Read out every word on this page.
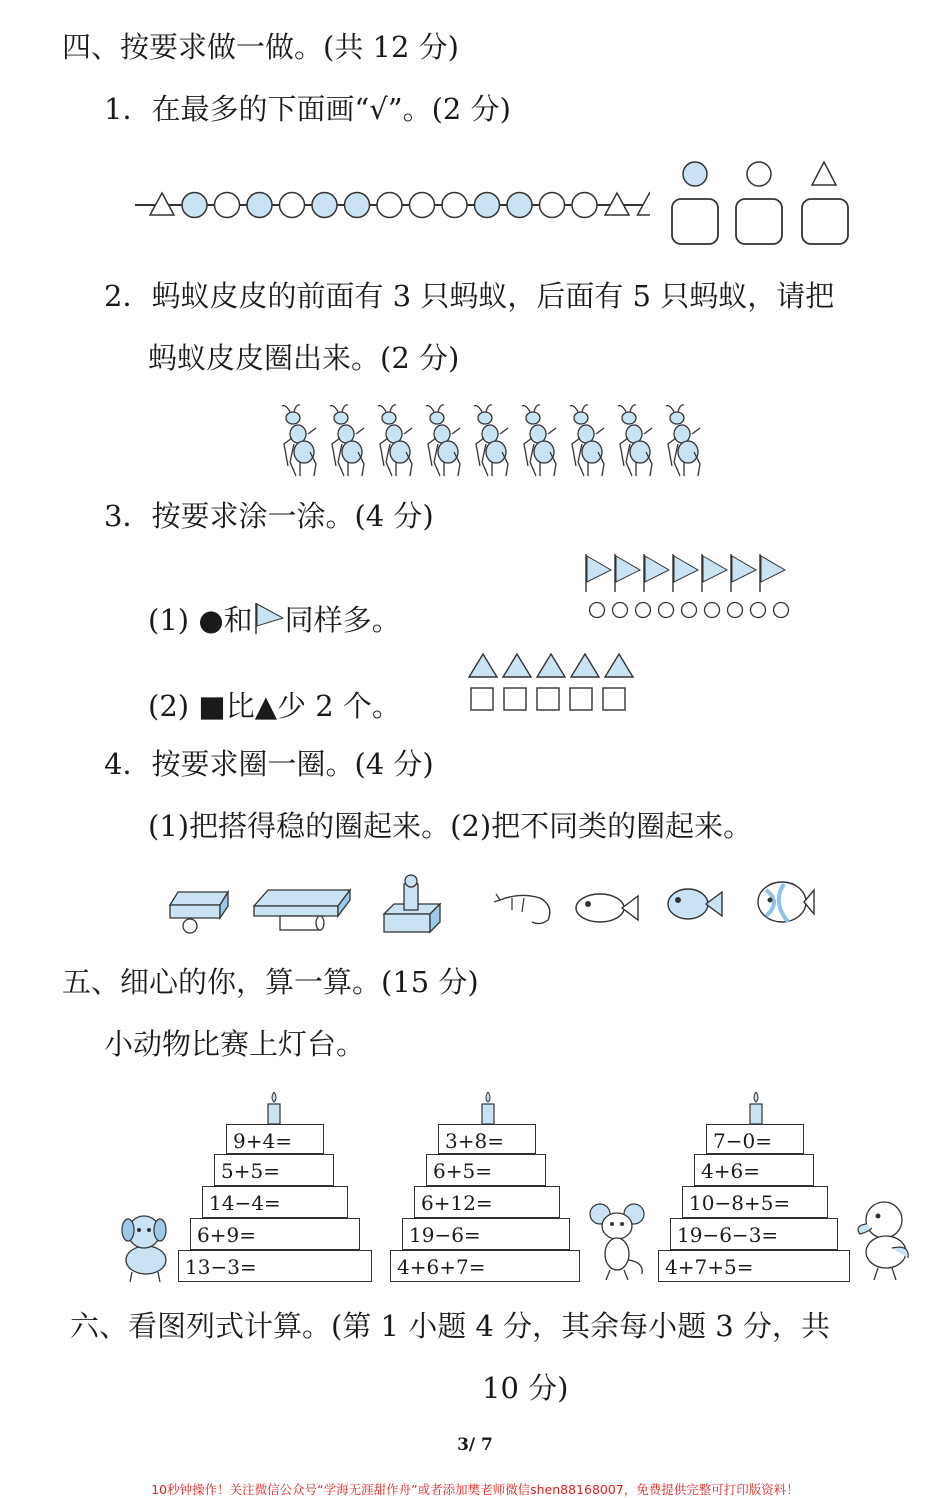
四、按要求做一做。(共 12 分)
1．在最多的下面画“√”。(2 分)
2．蚂蚁皮皮的前面有 3 只蚂蚁，后面有 5 只蚂蚁，请把
蚂蚁皮皮圈出来。(2 分)
3．按要求涂一涂。(4 分)
(1) ●和 同样多。
(2) ■比▲少 2 个。
4．按要求圈一圈。(4 分)
(1)把搭得稳的圈起来。(2)把不同类的圈起来。
五、细心的你，算一算。(15 分)
小动物比赛上灯台。
9+4=
5+5=
14−4=
6+9=
13−3=
3+8=
6+5=
6+12=
19−6=
4+6+7=
7−0=
4+6=
10−8+5=
19−6−3=
4+7+5=
六、看图列式计算。(第 1 小题 4 分，其余每小题 3 分，共
10 分)
3/ 7
10秒钟操作！关注微信公众号“学海无涯甜作舟”或者添加樊老师微信shen88168007，免费提供完整可打印版资料！
